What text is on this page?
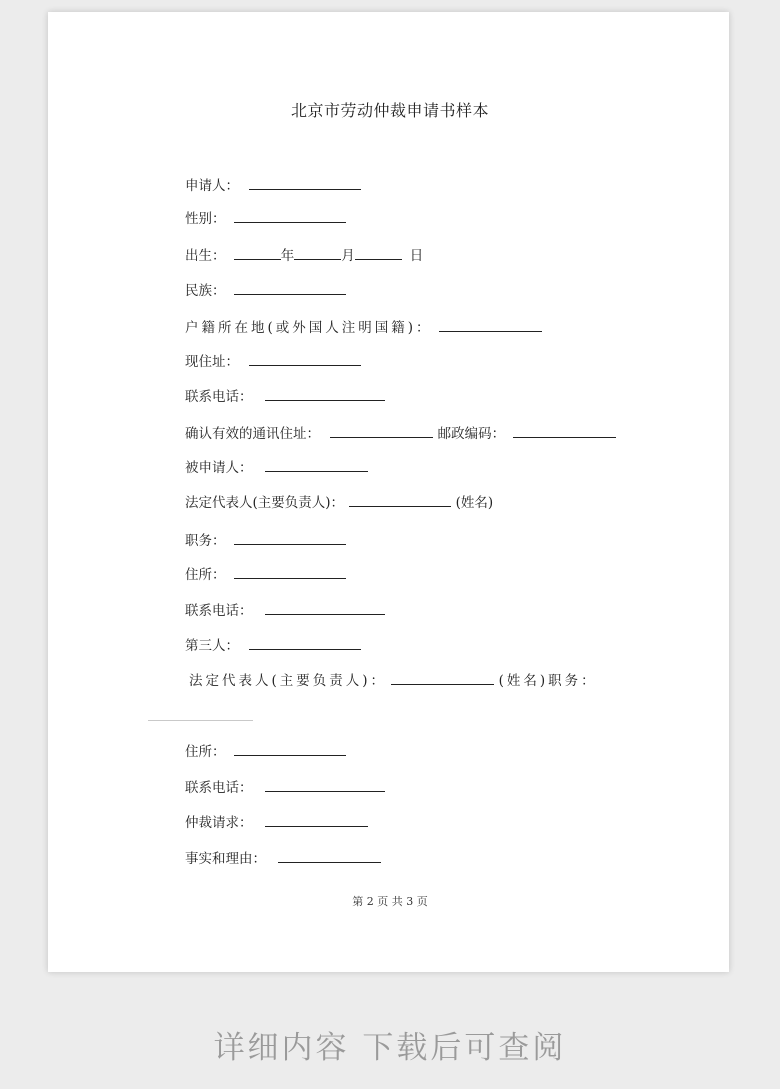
北京市劳动仲裁申请书样本
申请人：
性别：
出生：	年	月	日
民族：
户籍所在地(或外国人注明国籍)：
现住址：
联系电话：
确认有效的通讯住址：	邮政编码：
被申请人：
法定代表人(主要负责人)：	(姓名)
职务：
住所：
联系电话：
第三人：
法定代表人(主要负责人)：	(姓名)职务：
住所：
联系电话：
仲裁请求：
事实和理由：
第 2 页 共 3 页
详细内容 下载后可查阅
